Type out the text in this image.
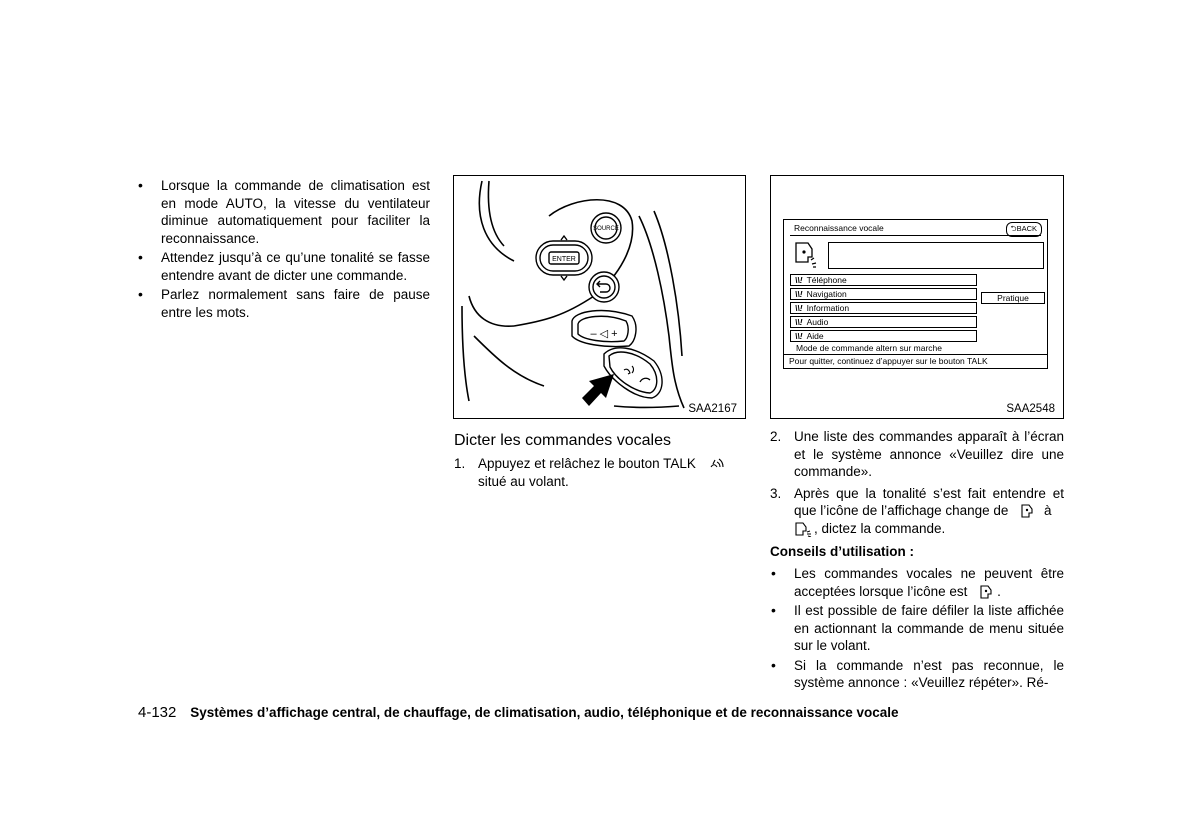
• Lorsque la commande de climatisation est en mode AUTO, la vitesse du ventilateur diminue automatiquement pour faciliter la reconnaissance.
• Attendez jusqu’à ce qu’une tonalité se fasse entendre avant de dicter une commande.
• Parlez normalement sans faire de pause entre les mots.
SOURCE
ENTER
– ◁ +
SAA2167
Reconnaissance vocale	⮌BACK
\\! Téléphone
\\! Navigation
\\! Information
\\! Audio
\\! Aide
Pratique
Mode de commande altern sur marche
Pour quitter, continuez d’appuyer sur le bouton TALK
SAA2548
Dicter les commandes vocales
1. Appuyez et relâchez le bouton TALK
situé au volant.
2. Une liste des commandes apparaît à l’écran et le système annonce «Veuillez dire une commande».
3. Après que la tonalité s’est fait entendre et que l’icône de l’affichage change de	à
, dictez la commande.
Conseils d’utilisation :
• Les commandes vocales ne peuvent être acceptées lorsque l’icône est .
• Il est possible de faire défiler la liste affichée en actionnant la commande de menu située sur le volant.
• Si la commande n’est pas reconnue, le système annonce : «Veuillez répéter». Ré-
4-132 Systèmes d’affichage central, de chauffage, de climatisation, audio, téléphonique et de reconnaissance vocale
